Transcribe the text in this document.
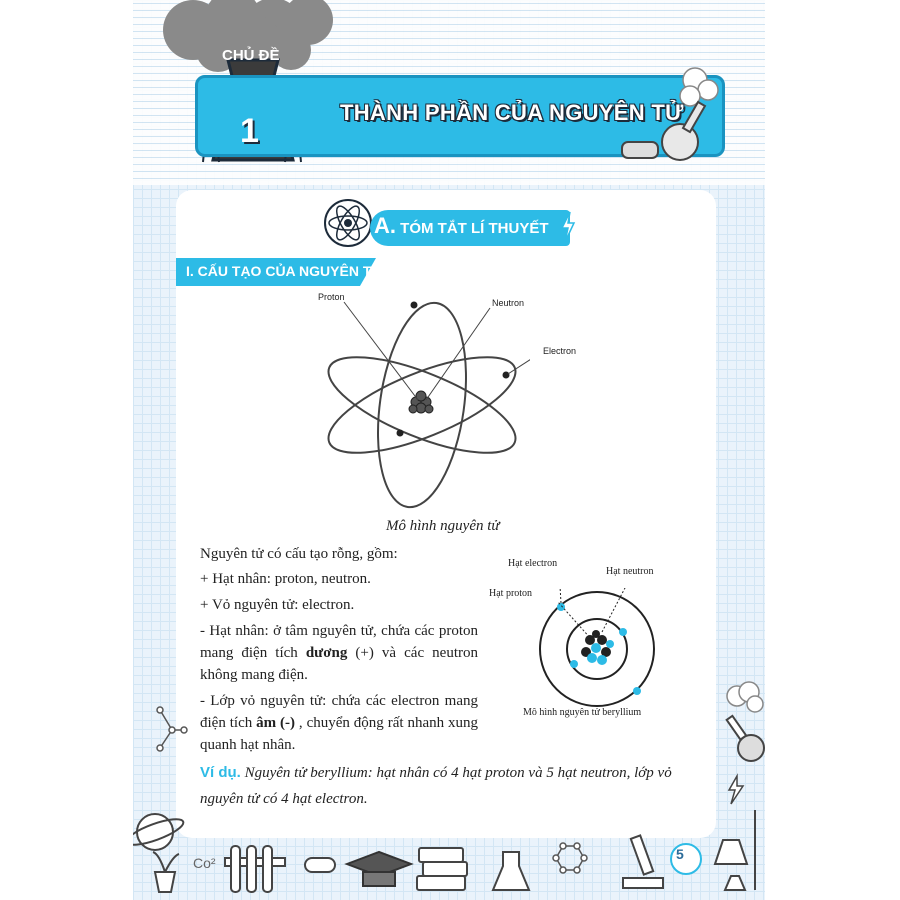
CHỦ ĐỀ
1	THÀNH PHẦN CỦA NGUYÊN TỬ
A. TÓM TẮT LÍ THUYẾT
I. CẤU TẠO CỦA NGUYÊN TỬ
Proton
Neutron
Electron
Mô hình nguyên tử
Nguyên tử có cấu tạo rỗng, gồm:
+ Hạt nhân: proton, neutron.
+ Vỏ nguyên tử: electron.
- Hạt nhân: ở tâm nguyên tử, chứa các proton mang điện tích dương (+) và các neutron không mang điện.
- Lớp vỏ nguyên tử: chứa các electron mang điện tích âm (-) , chuyển động rất nhanh xung quanh hạt nhân.
Hạt electron
Hạt neutron
Hạt proton
Mô hình nguyên tử beryllium
Ví dụ. Nguyên tử beryllium: hạt nhân có 4 hạt proton và 5 hạt neutron, lớp vỏ nguyên tử có 4 hạt electron.
Co²
5
